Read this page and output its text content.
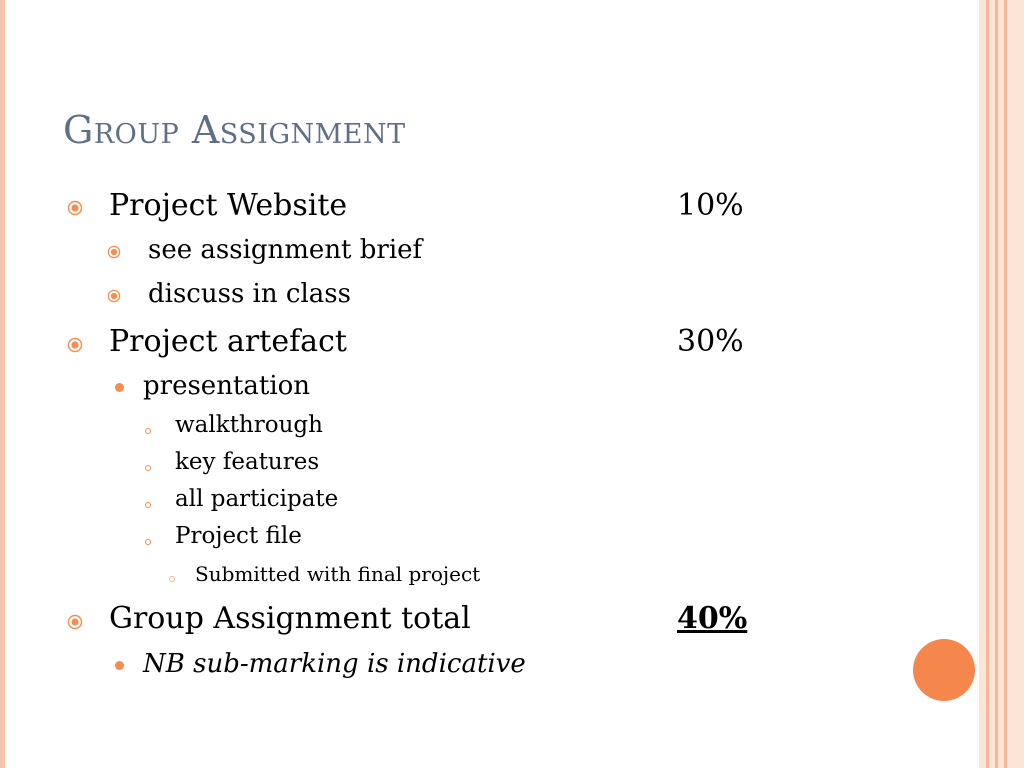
Group Assignment
Project Website	10%
see assignment brief
discuss in class
Project artefact	30%
presentation
walkthrough
key features
all participate
Project file
Submitted with final project
Group Assignment total	40%
NB sub-marking is indicative
